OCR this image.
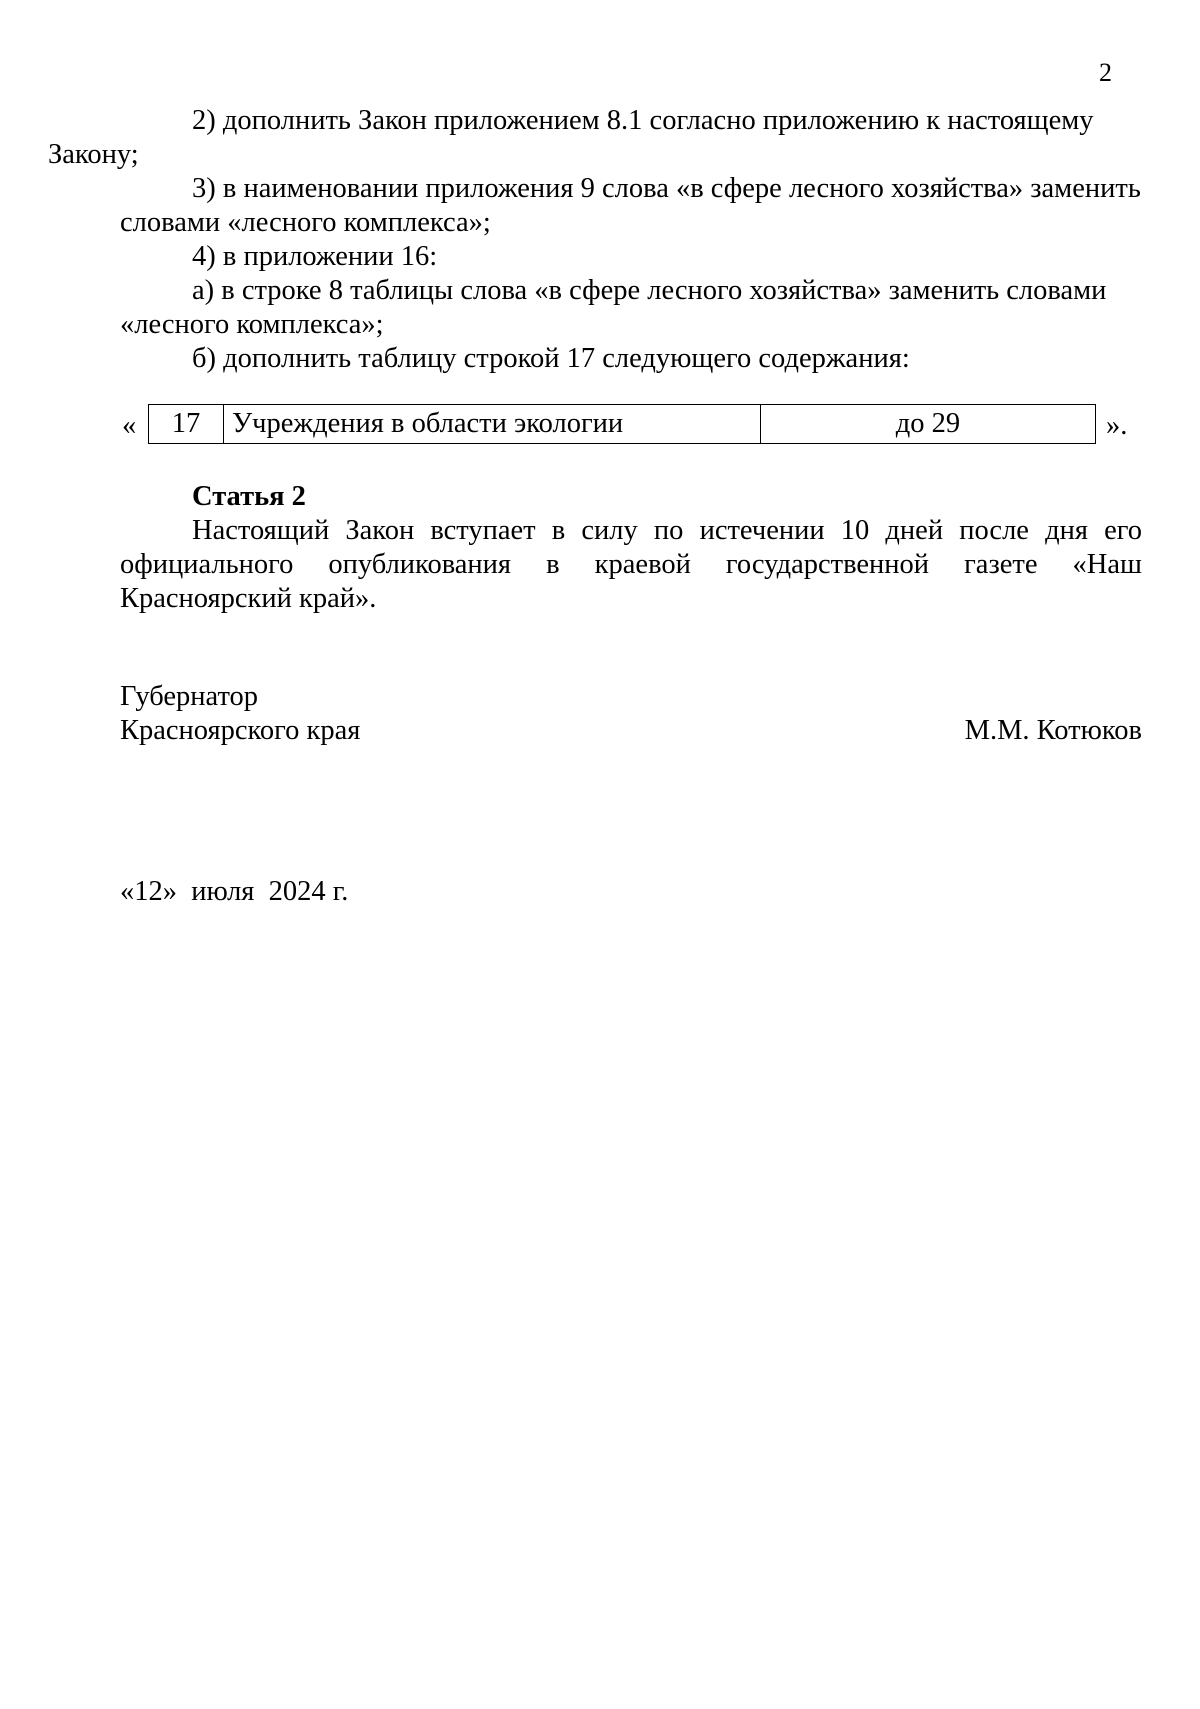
2

2) дополнить Закон приложением 8.1 согласно приложению к настоящему
Закону;

3) в наименовании приложения 9 слова «в сфере лесного хозяйства» заменить
словами «лесного комплекса»;

4) в приложении 16:

а) в строке 8 таблицы слова «в сфере лесного хозяйства» заменить словами
«лесного комплекса»;

б) дополнить таблицу строкой 17 следующего содержания:

« 17	Учреждения в области экологии	до 29	».

Статья 2

Настоящий Закон вступает в силу по истечении 10 дней после дня его официального опубликования в краевой государственной газете «Наш Красноярский край».

Губернатор
Красноярского края	М.М. Котюков
«12»  июля  2024 г.
